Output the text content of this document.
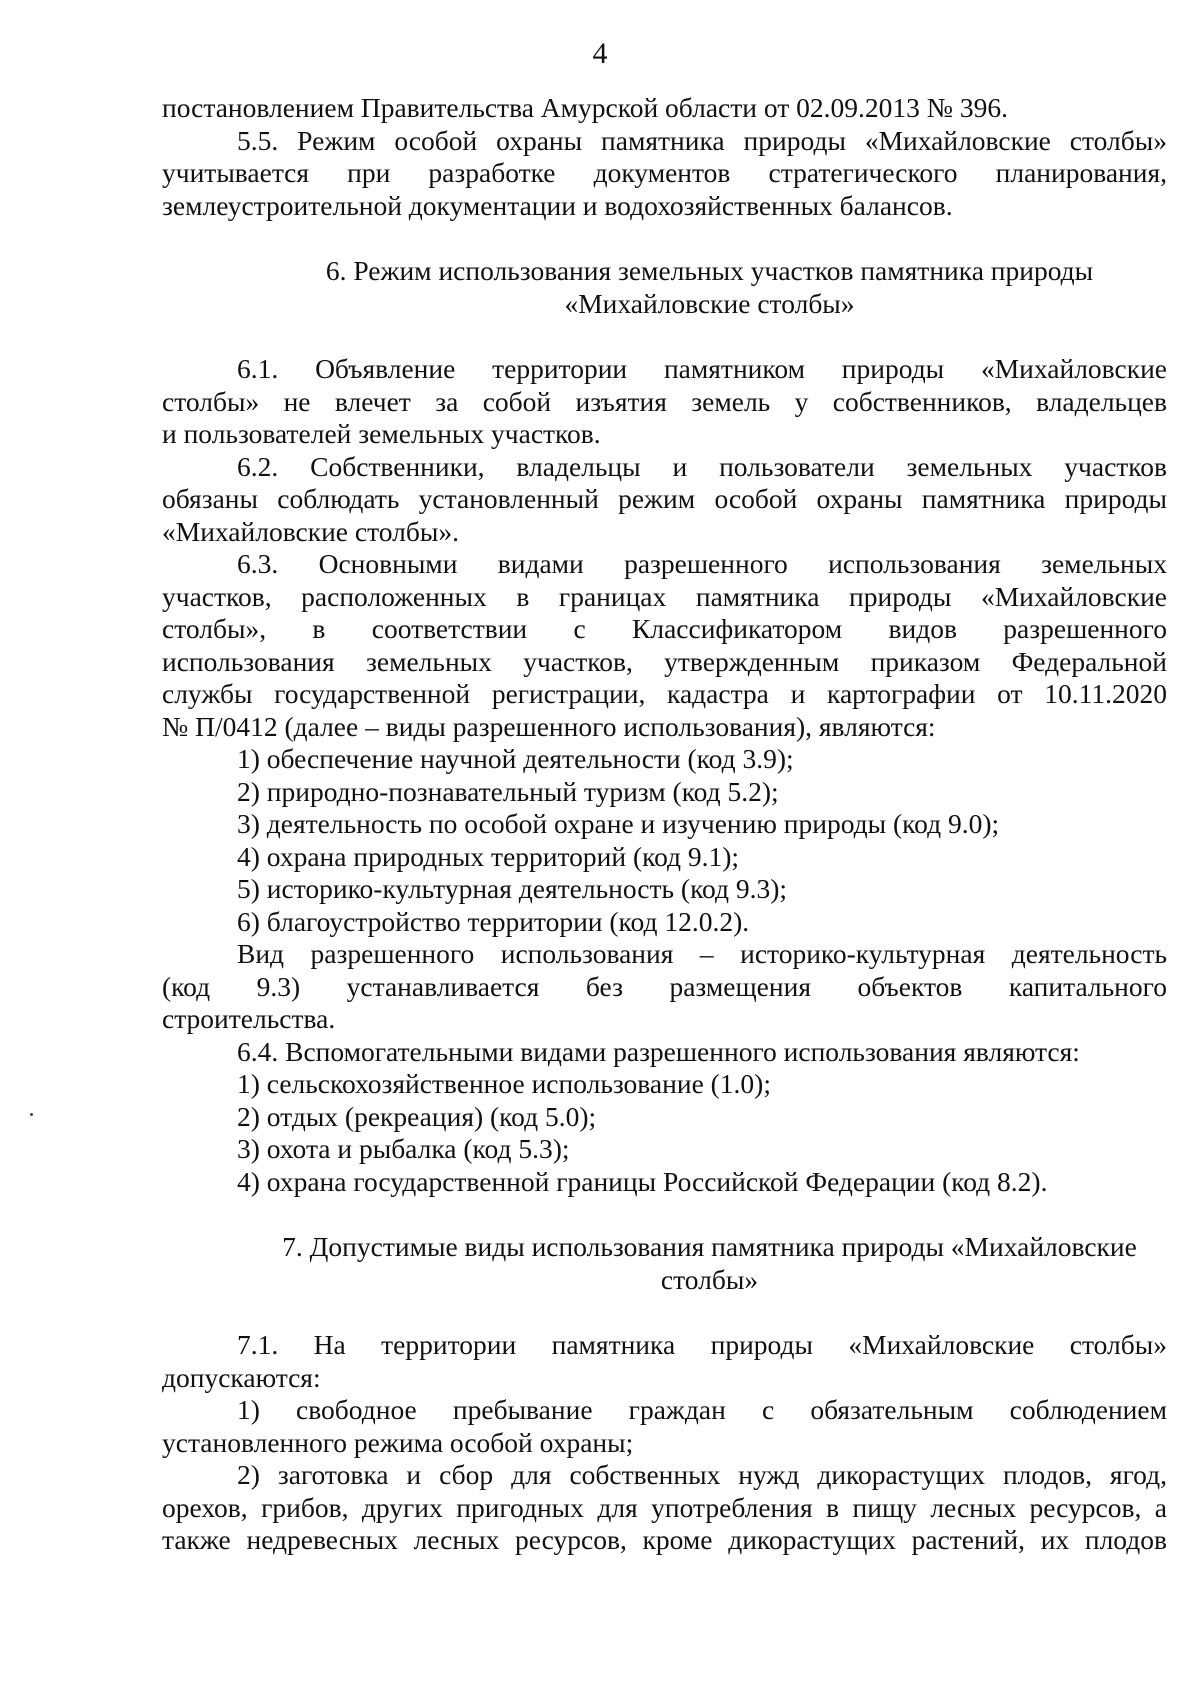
4

постановлением Правительства Амурской области от 02.09.2013 № 396.

5.5. Режим особой охраны памятника природы «Михайловские столбы»

учитывается при разработке документов стратегического планирования,

землеустроительной документации и водохозяйственных балансов.

6. Режим использования земельных участков памятника природы

«Михайловские столбы»

6.1. Объявление территории памятником природы «Михайловские

столбы» не влечет за собой изъятия земель у собственников, владельцев

и пользователей земельных участков.

6.2. Собственники, владельцы и пользователи земельных участков

обязаны соблюдать установленный режим особой охраны памятника природы

«Михайловские столбы».

6.3. Основными видами разрешенного использования земельных

участков, расположенных в границах памятника природы «Михайловские

столбы», в соответствии с Классификатором видов разрешенного

использования земельных участков, утвержденным приказом Федеральной

службы государственной регистрации, кадастра и картографии от 10.11.2020

№ П/0412 (далее – виды разрешенного использования), являются:

1) обеспечение научной деятельности (код 3.9);

2) природно-познавательный туризм (код 5.2);

3) деятельность по особой охране и изучению природы (код 9.0);

4) охрана природных территорий (код 9.1);

5) историко-культурная деятельность (код 9.3);

6) благоустройство территории (код 12.0.2).

Вид разрешенного использования – историко-культурная деятельность

(код 9.3) устанавливается без размещения объектов капитального

строительства.

6.4. Вспомогательными видами разрешенного использования являются:

1) сельскохозяйственное использование (1.0);

2) отдых (рекреация) (код 5.0);

3) охота и рыбалка (код 5.3);

4) охрана государственной границы Российской Федерации (код 8.2).

7. Допустимые виды использования памятника природы «Михайловские

столбы»

7.1. На территории памятника природы «Михайловские столбы»

допускаются:

1) свободное пребывание граждан с обязательным соблюдением

установленного режима особой охраны;

2) заготовка и сбор для собственных нужд дикорастущих плодов, ягод,

орехов, грибов, других пригодных для употребления в пищу лесных ресурсов, а

также недревесных лесных ресурсов, кроме дикорастущих растений, их плодов
